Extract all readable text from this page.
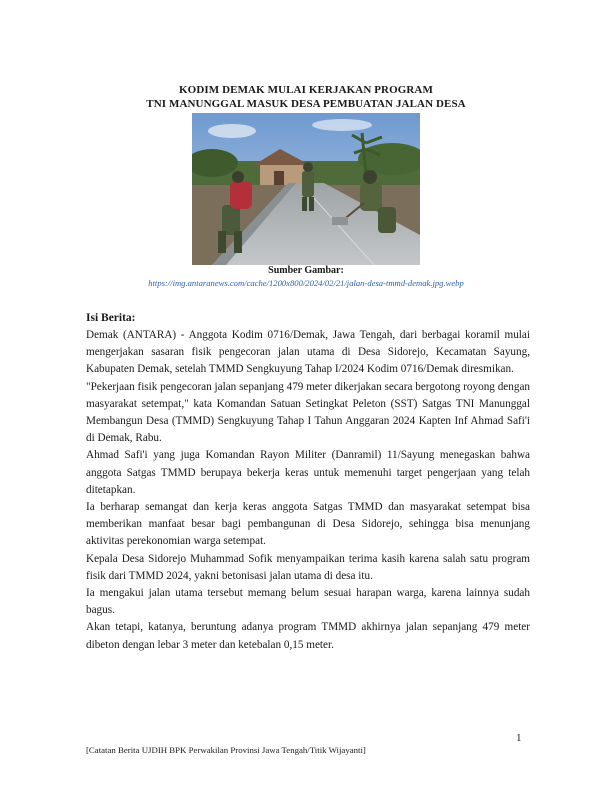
KODIM DEMAK MULAI KERJAKAN PROGRAM
TNI MANUNGGAL MASUK DESA PEMBUATAN JALAN DESA
Sumber Gambar:
https://img.antaranews.com/cache/1200x800/2024/02/21/jalan-desa-tmmd-demak.jpg.webp
Isi Berita:

Demak (ANTARA) - Anggota Kodim 0716/Demak, Jawa Tengah, dari berbagai koramil mulai mengerjakan sasaran fisik pengecoran jalan utama di Desa Sidorejo, Kecamatan Sayung, Kabupaten Demak, setelah TMMD Sengkuyung Tahap I/2024 Kodim 0716/Demak diresmikan.

"Pekerjaan fisik pengecoran jalan sepanjang 479 meter dikerjakan secara bergotong royong dengan masyarakat setempat," kata Komandan Satuan Setingkat Peleton (SST) Satgas TNI Manunggal Membangun Desa (TMMD) Sengkuyung Tahap I Tahun Anggaran 2024 Kapten Inf Ahmad Safi'i di Demak, Rabu.

Ahmad Safi'i yang juga Komandan Rayon Militer (Danramil) 11/Sayung menegaskan bahwa anggota Satgas TMMD berupaya bekerja keras untuk memenuhi target pengerjaan yang telah ditetapkan.

Ia berharap semangat dan kerja keras anggota Satgas TMMD dan masyarakat setempat bisa memberikan manfaat besar bagi pembangunan di Desa Sidorejo, sehingga bisa menunjang aktivitas perekonomian warga setempat.

Kepala Desa Sidorejo Muhammad Sofik menyampaikan terima kasih karena salah satu program fisik dari TMMD 2024, yakni betonisasi jalan utama di desa itu.

Ia mengakui jalan utama tersebut memang belum sesuai harapan warga, karena lainnya sudah bagus.

Akan tetapi, katanya, beruntung adanya program TMMD akhirnya jalan sepanjang 479 meter dibeton dengan lebar 3 meter dan ketebalan 0,15 meter.

1
[Catatan Berita UJDIH BPK Perwakilan Provinsi Jawa Tengah/Titik Wijayanti]
